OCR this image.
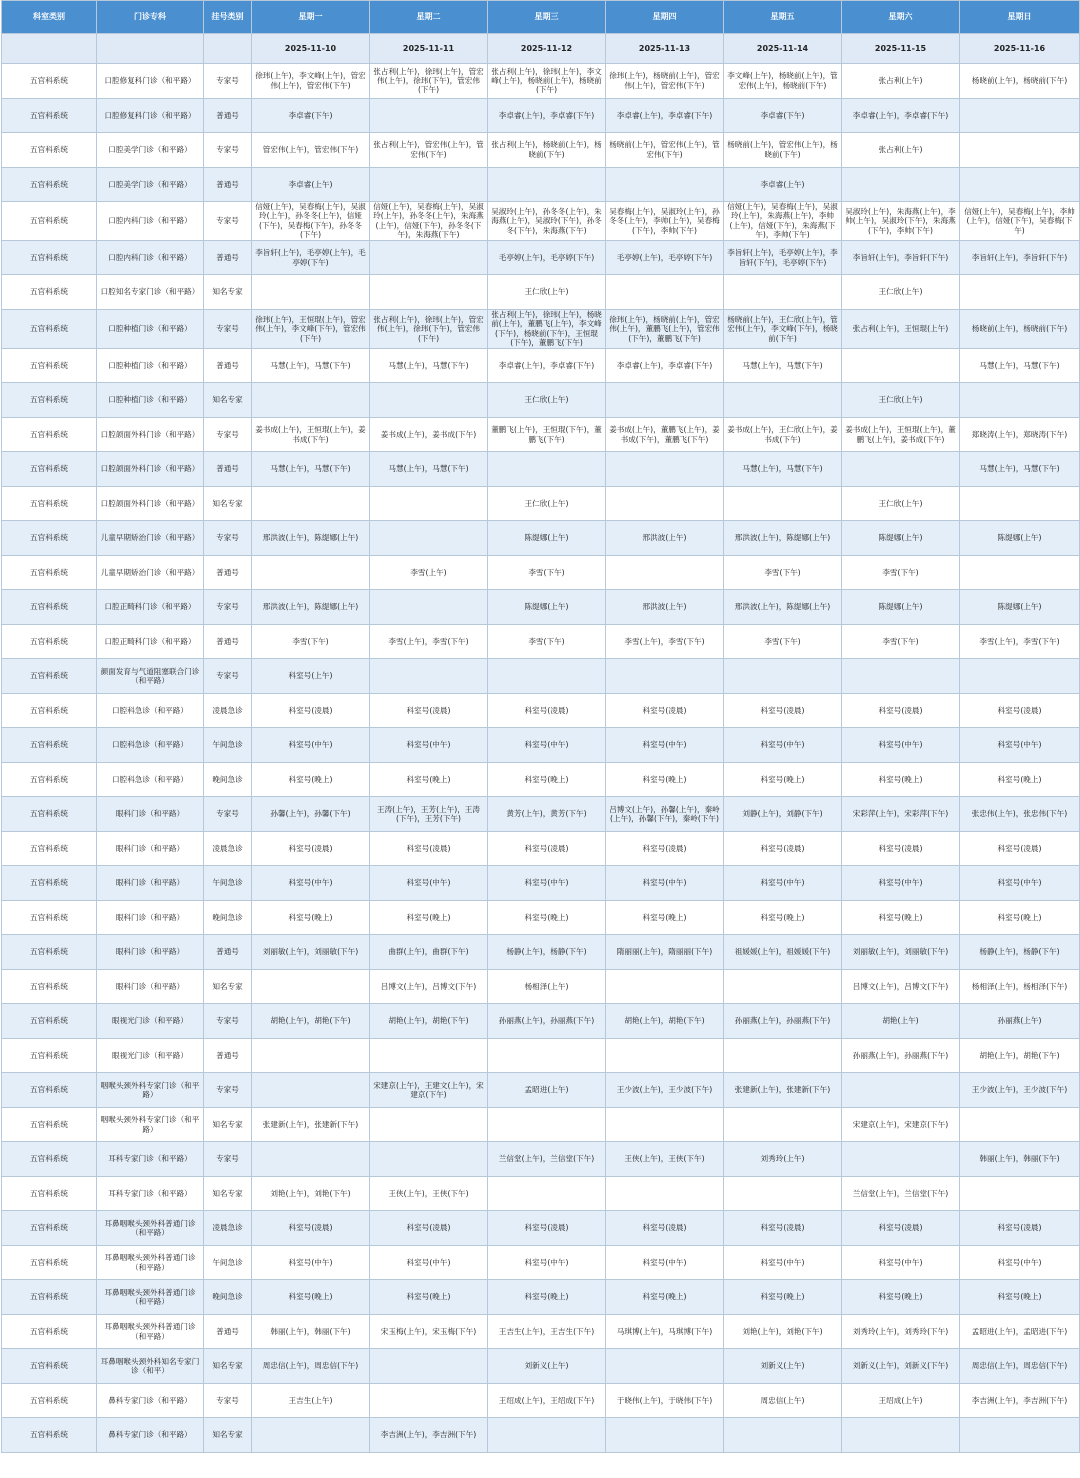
科室类别	门诊专科	挂号类别	星期一	星期二	星期三	星期四	星期五	星期六	星期日
			2025-11-10	2025-11-11	2025-11-12	2025-11-13	2025-11-14	2025-11-15	2025-11-16
五官科系统	口腔修复科门诊（和平路）	专家号	徐玮(上午)，李文峰(上午)，管宏伟(上午)，管宏伟(下午)	张占利(上午)，徐玮(上午)，管宏伟(上午)，徐玮(下午)，管宏伟(下午)	张占利(上午)，徐玮(上午)，李文峰(上午)，杨晓前(上午)，杨晓前(下午)	徐玮(上午)，杨晓前(上午)，管宏伟(上午)，管宏伟(下午)	李文峰(上午)，杨晓前(上午)，管宏伟(上午)，杨晓前(下午)	张占利(上午)	杨晓前(上午)，杨晓前(下午)
五官科系统	口腔修复科门诊（和平路）	普通号	李卓睿(下午)		李卓睿(上午)，李卓睿(下午)	李卓睿(上午)，李卓睿(下午)	李卓睿(下午)	李卓睿(上午)，李卓睿(下午)	
五官科系统	口腔美学门诊（和平路）	专家号	管宏伟(上午)，管宏伟(下午)	张占利(上午)，管宏伟(上午)，管宏伟(下午)	张占利(上午)，杨晓前(上午)，杨晓前(下午)	杨晓前(上午)，管宏伟(上午)，管宏伟(下午)	杨晓前(上午)，管宏伟(上午)，杨晓前(下午)	张占利(上午)	
五官科系统	口腔美学门诊（和平路）	普通号	李卓睿(上午)				李卓睿(上午)		
五官科系统	口腔内科门诊（和平路）	专家号	信娅(上午)，吴春梅(上午)，吴淑玲(上午)，孙冬冬(上午)，信娅(下午)，吴春梅(下午)，孙冬冬(下午)	信娅(上午)，吴春梅(上午)，吴淑玲(上午)，孙冬冬(上午)，朱海燕(上午)，信娅(下午)，孙冬冬(下午)，朱海燕(下午)	吴淑玲(上午)，孙冬冬(上午)，朱海燕(上午)，吴淑玲(下午)，孙冬冬(下午)，朱海燕(下午)	吴春梅(上午)，吴淑玲(上午)，孙冬冬(上午)，李帅(上午)，吴春梅(下午)，李帅(下午)	信娅(上午)，吴春梅(上午)，吴淑玲(上午)，朱海燕(上午)，李帅(上午)，信娅(下午)，朱海燕(下午)，李帅(下午)	吴淑玲(上午)，朱海燕(上午)，李帅(上午)，吴淑玲(下午)，朱海燕(下午)，李帅(下午)	信娅(上午)，吴春梅(上午)，李帅(上午)，信娅(下午)，吴春梅(下午)
五官科系统	口腔内科门诊（和平路）	普通号	李旨轩(上午)，毛亭婷(上午)，毛亭婷(下午)		毛亭婷(上午)，毛亭婷(下午)	毛亭婷(上午)，毛亭婷(下午)	李旨轩(上午)，毛亭婷(上午)，李旨轩(下午)，毛亭婷(下午)	李旨轩(上午)，李旨轩(下午)	李旨轩(上午)，李旨轩(下午)
五官科系统	口腔知名专家门诊（和平路）	知名专家			王仁欣(上午)			王仁欣(上午)	
五官科系统	口腔种植门诊（和平路）	专家号	徐玮(上午)，王恒琨(上午)，管宏伟(上午)，李文峰(下午)，管宏伟(下午)	张占利(上午)，徐玮(上午)，管宏伟(上午)，徐玮(下午)，管宏伟(下午)	张占利(上午)，徐玮(上午)，杨晓前(上午)，董鹏飞(上午)，李文峰(下午)，杨晓前(下午)，王恒琨(下午)，董鹏飞(下午)	徐玮(上午)，杨晓前(上午)，管宏伟(上午)，董鹏飞(上午)，管宏伟(下午)，董鹏飞(下午)	杨晓前(上午)，王仁欣(上午)，管宏伟(上午)，李文峰(下午)，杨晓前(下午)	张占利(上午)，王恒琨(上午)	杨晓前(上午)，杨晓前(下午)
五官科系统	口腔种植门诊（和平路）	普通号	马慧(上午)，马慧(下午)	马慧(上午)，马慧(下午)	李卓睿(上午)，李卓睿(下午)	李卓睿(上午)，李卓睿(下午)	马慧(上午)，马慧(下午)		马慧(上午)，马慧(下午)
五官科系统	口腔种植门诊（和平路）	知名专家			王仁欣(上午)			王仁欣(上午)	
五官科系统	口腔颌面外科门诊（和平路）	专家号	姜书成(上午)，王恒琨(上午)，姜书成(下午)	姜书成(上午)，姜书成(下午)	董鹏飞(上午)，王恒琨(下午)，董鹏飞(下午)	姜书成(上午)，董鹏飞(上午)，姜书成(下午)，董鹏飞(下午)	姜书成(上午)，王仁欣(上午)，姜书成(下午)	姜书成(上午)，王恒琨(上午)，董鹏飞(上午)，姜书成(下午)	郑晓涛(上午)，郑晓涛(下午)
五官科系统	口腔颌面外科门诊（和平路）	普通号	马慧(上午)，马慧(下午)	马慧(上午)，马慧(下午)			马慧(上午)，马慧(下午)		马慧(上午)，马慧(下午)
五官科系统	口腔颌面外科门诊（和平路）	知名专家			王仁欣(上午)			王仁欣(上午)	
五官科系统	儿童早期矫治门诊（和平路）	专家号	邢洪波(上午)，陈缇娜(上午)		陈缇娜(上午)	邢洪波(上午)	邢洪波(上午)，陈缇娜(上午)	陈缇娜(上午)	陈缇娜(上午)
五官科系统	儿童早期矫治门诊（和平路）	普通号		李雪(上午)	李雪(下午)		李雪(下午)	李雪(下午)	
五官科系统	口腔正畸科门诊（和平路）	专家号	邢洪波(上午)，陈缇娜(上午)		陈缇娜(上午)	邢洪波(上午)	邢洪波(上午)，陈缇娜(上午)	陈缇娜(上午)	陈缇娜(上午)
五官科系统	口腔正畸科门诊（和平路）	普通号	李雪(下午)	李雪(上午)，李雪(下午)	李雪(下午)	李雪(上午)，李雪(下午)	李雪(下午)	李雪(下午)	李雪(上午)，李雪(下午)
五官科系统	颜面发育与气道阻塞联合门诊（和平路）	专家号	科室号(上午)						
五官科系统	口腔科急诊（和平路）	凌晨急诊	科室号(凌晨)	科室号(凌晨)	科室号(凌晨)	科室号(凌晨)	科室号(凌晨)	科室号(凌晨)	科室号(凌晨)
五官科系统	口腔科急诊（和平路）	午间急诊	科室号(中午)	科室号(中午)	科室号(中午)	科室号(中午)	科室号(中午)	科室号(中午)	科室号(中午)
五官科系统	口腔科急诊（和平路）	晚间急诊	科室号(晚上)	科室号(晚上)	科室号(晚上)	科室号(晚上)	科室号(晚上)	科室号(晚上)	科室号(晚上)
五官科系统	眼科门诊（和平路）	专家号	孙馨(上午)，孙馨(下午)	王涛(上午)，王芳(上午)，王涛(下午)，王芳(下午)	黄芳(上午)，黄芳(下午)	吕博文(上午)，孙馨(上午)，秦岭(上午)，孙馨(下午)，秦岭(下午)	刘静(上午)，刘静(下午)	宋彩萍(上午)，宋彩萍(下午)	张忠伟(上午)，张忠伟(下午)
五官科系统	眼科门诊（和平路）	凌晨急诊	科室号(凌晨)	科室号(凌晨)	科室号(凌晨)	科室号(凌晨)	科室号(凌晨)	科室号(凌晨)	科室号(凌晨)
五官科系统	眼科门诊（和平路）	午间急诊	科室号(中午)	科室号(中午)	科室号(中午)	科室号(中午)	科室号(中午)	科室号(中午)	科室号(中午)
五官科系统	眼科门诊（和平路）	晚间急诊	科室号(晚上)	科室号(晚上)	科室号(晚上)	科室号(晚上)	科室号(晚上)	科室号(晚上)	科室号(晚上)
五官科系统	眼科门诊（和平路）	普通号	刘丽敏(上午)，刘丽敏(下午)	曲群(上午)，曲群(下午)	杨静(上午)，杨静(下午)	隋丽丽(上午)，隋丽丽(下午)	祖媛媛(上午)，祖媛媛(下午)	刘丽敏(上午)，刘丽敏(下午)	杨静(上午)，杨静(下午)
五官科系统	眼科门诊（和平路）	知名专家		吕博文(上午)，吕博文(下午)	杨相泽(上午)			吕博文(上午)，吕博文(下午)	杨相泽(上午)，杨相泽(下午)
五官科系统	眼视光门诊（和平路）	专家号	胡艳(上午)，胡艳(下午)	胡艳(上午)，胡艳(下午)	孙丽燕(上午)，孙丽燕(下午)	胡艳(上午)，胡艳(下午)	孙丽燕(上午)，孙丽燕(下午)	胡艳(上午)	孙丽燕(上午)
五官科系统	眼视光门诊（和平路）	普通号						孙丽燕(上午)，孙丽燕(下午)	胡艳(上午)，胡艳(下午)
五官科系统	咽喉头颈外科专家门诊（和平路）	专家号		宋建京(上午)，王建文(上午)，宋建京(下午)	孟昭进(上午)	王少波(上午)，王少波(下午)	张建新(上午)，张建新(下午)		王少波(上午)，王少波(下午)
五官科系统	咽喉头颈外科专家门诊（和平路）	知名专家	张建新(上午)，张建新(下午)					宋建京(上午)，宋建京(下午)	
五官科系统	耳科专家门诊（和平路）	专家号			兰信堂(上午)，兰信堂(下午)	王侠(上午)，王侠(下午)	刘秀玲(上午)		韩丽(上午)，韩丽(下午)
五官科系统	耳科专家门诊（和平路）	知名专家	刘艳(上午)，刘艳(下午)	王侠(上午)，王侠(下午)				兰信堂(上午)，兰信堂(下午)	
五官科系统	耳鼻咽喉头颈外科普通门诊（和平路）	凌晨急诊	科室号(凌晨)	科室号(凌晨)	科室号(凌晨)	科室号(凌晨)	科室号(凌晨)	科室号(凌晨)	科室号(凌晨)
五官科系统	耳鼻咽喉头颈外科普通门诊（和平路）	午间急诊	科室号(中午)	科室号(中午)	科室号(中午)	科室号(中午)	科室号(中午)	科室号(中午)	科室号(中午)
五官科系统	耳鼻咽喉头颈外科普通门诊（和平路）	晚间急诊	科室号(晚上)	科室号(晚上)	科室号(晚上)	科室号(晚上)	科室号(晚上)	科室号(晚上)	科室号(晚上)
五官科系统	耳鼻咽喉头颈外科普通门诊（和平路）	普通号	韩丽(上午)，韩丽(下午)	宋玉梅(上午)，宋玉梅(下午)	王吉生(上午)，王吉生(下午)	马琪博(上午)，马琪博(下午)	刘艳(上午)，刘艳(下午)	刘秀玲(上午)，刘秀玲(下午)	孟昭进(上午)，孟昭进(下午)
五官科系统	耳鼻咽喉头颈外科知名专家门诊（和平）	知名专家	周忠信(上午)，周忠信(下午)		刘新义(上午)		刘新义(上午)	刘新义(上午)，刘新义(下午)	周忠信(上午)，周忠信(下午)
五官科系统	鼻科专家门诊（和平路）	专家号	王吉生(上午)		王绍成(上午)，王绍成(下午)	于晓伟(上午)，于晓伟(下午)	周忠信(上午)	王绍成(上午)	李吉洲(上午)，李吉洲(下午)
五官科系统	鼻科专家门诊（和平路）	知名专家		李吉洲(上午)，李吉洲(下午)					
